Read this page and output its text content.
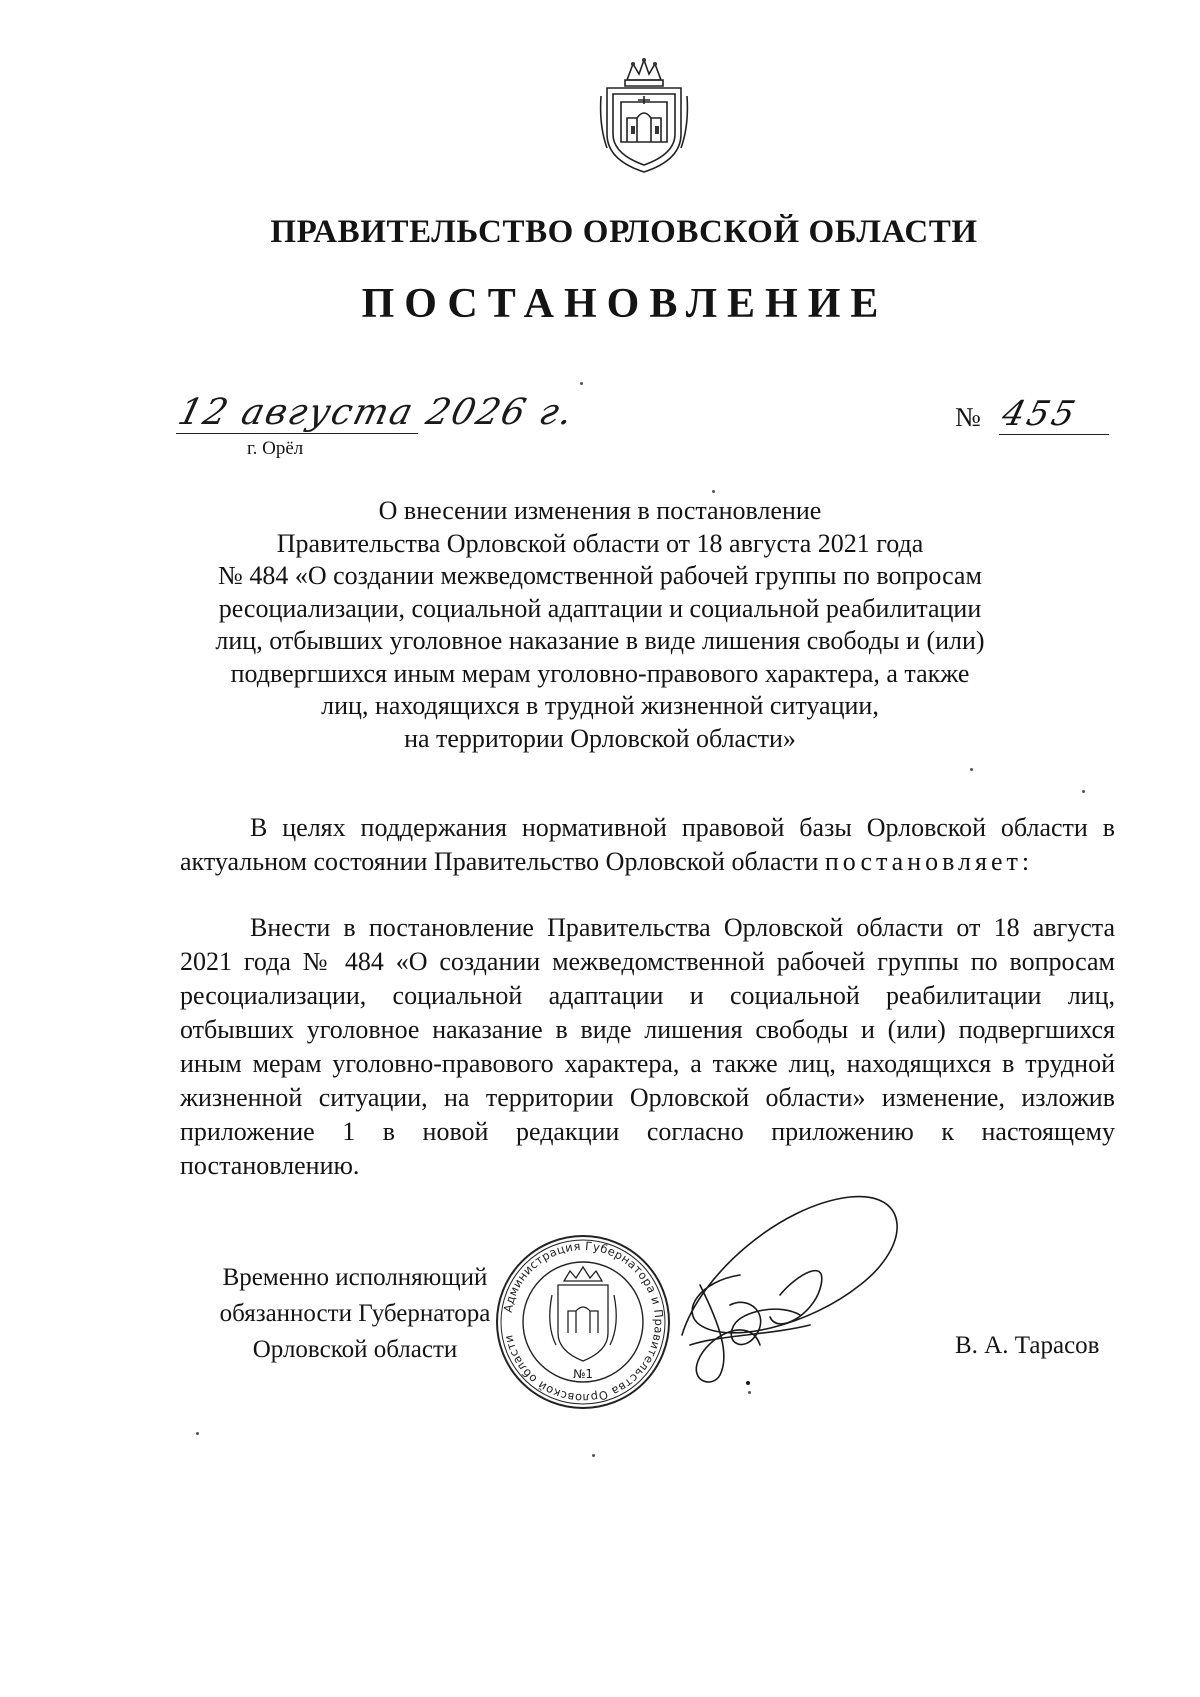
ПРАВИТЕЛЬСТВО ОРЛОВСКОЙ ОБЛАСТИ
ПОСТАНОВЛЕНИЕ
12 августа 2026 г.
г. Орёл
№ 455
О внесении изменения в постановление
Правительства Орловской области от 18 августа 2021 года
№ 484 «О создании межведомственной рабочей группы по вопросам
ресоциализации, социальной адаптации и социальной реабилитации
лиц, отбывших уголовное наказание в виде лишения свободы и (или)
подвергшихся иным мерам уголовно-правового характера, а также
лиц, находящихся в трудной жизненной ситуации,
на территории Орловской области»

В целях поддержания нормативной правовой базы Орловской области в актуальном состоянии Правительство Орловской области постановляет:

Внести в постановление Правительства Орловской области от 18 августа 2021 года № 484 «О создании межведомственной рабочей группы по вопросам ресоциализации, социальной адаптации и социальной реабилитации лиц, отбывших уголовное наказание в виде лишения свободы и (или) подвергшихся иным мерам уголовно-правового характера, а также лиц, находящихся в трудной жизненной ситуации, на территории Орловской области» изменение, изложив приложение 1 в новой редакции согласно приложению к настоящему постановлению.

Временно исполняющий
обязанности Губернатора
Орловской области
Администрация Губернатора и Правительства Орловской области
№1
В. А. Тарасов
